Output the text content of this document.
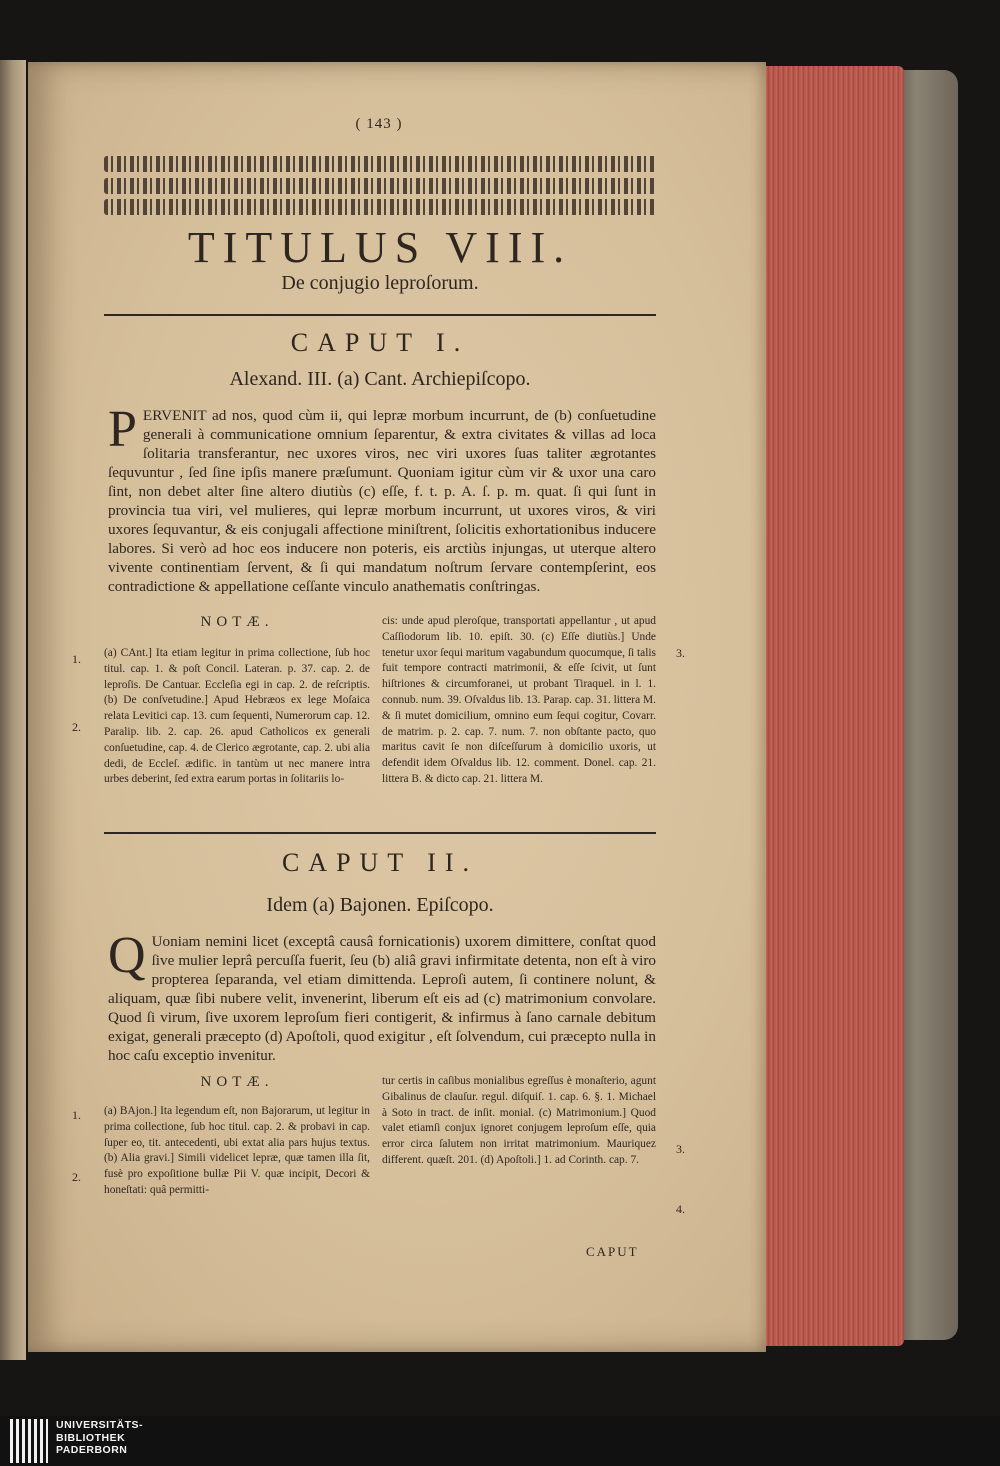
( 143 )
TITULUS VIII.
De conjugio leproſorum.
CAPUT I.
Alexand. III. (a) Cant. Archiepiſcopo.
PERVENIT ad nos, quod cùm ii, qui lepræ morbum incurrunt, de (b) conſuetudine generali à communicatione omnium ſeparentur, & extra civitates & villas ad loca ſolitaria transferantur, nec uxores viros, nec viri uxores ſuas taliter ægrotantes ſequvuntur , ſed ſine ipſis manere præſumunt. Quoniam igitur cùm vir & uxor una caro ſint, non debet alter ſine altero diutiùs (c) eſſe, f. t. p. A. ſ. p. m. quat. ſi qui ſunt in provincia tua viri, vel mulieres, qui lepræ morbum incurrunt, ut uxores viros, & viri uxores ſequvantur, & eis conjugali affectione miniſtrent, ſolicitis exhortationibus inducere labores. Si verò ad hoc eos inducere non poteris, eis arctiùs injungas, ut uterque altero vivente continentiam ſervent, & ſi qui mandatum noſtrum ſervare contempſerint, eos contradictione & appellatione ceſſante vinculo anathematis conſtringas.
NOTÆ.
(a) CAnt.] Ita etiam legitur in prima collectione, ſub hoc titul. cap. 1. & poſt Concil. Lateran. p. 37. cap. 2. de leproſis. De Cantuar. Eccleſia egi in cap. 2. de reſcriptis. (b) De conſvetudine.] Apud Hebræos ex lege Moſaica relata Levitici cap. 13. cum ſequenti, Numerorum cap. 12. Paralip. lib. 2. cap. 26. apud Catholicos ex generali conſuetudine, cap. 4. de Clerico ægrotante, cap. 2. ubi alia dedi, de Eccleſ. ædific. in tantùm ut nec manere intra urbes deberint, ſed extra earum portas in ſolitariis lo-
cis: unde apud pleroſque, transportati appellantur , ut apud Caſſiodorum lib. 10. epiſt. 30. (c) Eſſe diutiùs.] Unde tenetur uxor ſequi maritum vagabundum quocumque, ſi talis fuit tempore contracti matrimonii, & eſſe ſcivit, ut ſunt hiſtriones & circumforanei, ut probant Tiraquel. in l. 1. connub. num. 39. Oſvaldus lib. 13. Parap. cap. 31. littera M. & ſi mutet domicilium, omnino eum ſequi cogitur, Covarr. de matrim. p. 2. cap. 7. num. 7. non obſtante pacto, quo maritus cavit ſe non diſceſſurum à domicilio uxoris, ut defendit idem Oſvaldus lib. 12. comment. Donel. cap. 21. littera B. & dicto cap. 21. littera M.
1.
2.
3.
CAPUT II.
Idem (a) Bajonen. Epiſcopo.
Q Uoniam nemini licet (exceptâ causâ fornicationis) uxorem dimittere, conſtat quod ſive mulier leprâ percuſſa fuerit, ſeu (b) aliâ gravi infirmitate detenta, non eſt à viro propterea ſeparanda, vel etiam dimittenda. Leproſi autem, ſi continere nolunt, & aliquam, quæ ſibi nubere velit, invenerint, liberum eſt eis ad (c) matrimonium convolare. Quod ſi virum, ſive uxorem leproſum fieri contigerit, & infirmus à ſano carnale debitum exigat, generali præcepto (d) Apoſtoli, quod exigitur , eſt ſolvendum, cui præcepto nulla in hoc caſu exceptio invenitur.
NOTÆ.
(a) BAjon.] Ita legendum eſt, non Bajorarum, ut legitur in prima collectione, ſub hoc titul. cap. 2. & probavi in cap. ſuper eo, tit. antecedenti, ubi extat alia pars hujus textus. (b) Alia gravi.] Simili videlicet lepræ, quæ tamen illa ſit, fusè pro expoſitione bullæ Pii V. quæ incipit, Decori & honeſtati: quâ permitti-
tur certis in caſibus monialibus egreſſus è monaſterio, agunt Gibalinus de clauſur. regul. diſquiſ. 1. cap. 6. §. 1. Michael à Soto in tract. de inſit. monial. (c) Matrimonium.] Quod valet etiamſi conjux ignoret conjugem leproſum eſſe, quia error circa ſalutem non irritat matrimonium. Mauriquez different. quæſt. 201. (d) Apoſtoli.] 1. ad Corinth. cap. 7.
1.
2.
3.
4.
CAPUT
UNIVERSITÄTS-
BIBLIOTHEK
PADERBORN
